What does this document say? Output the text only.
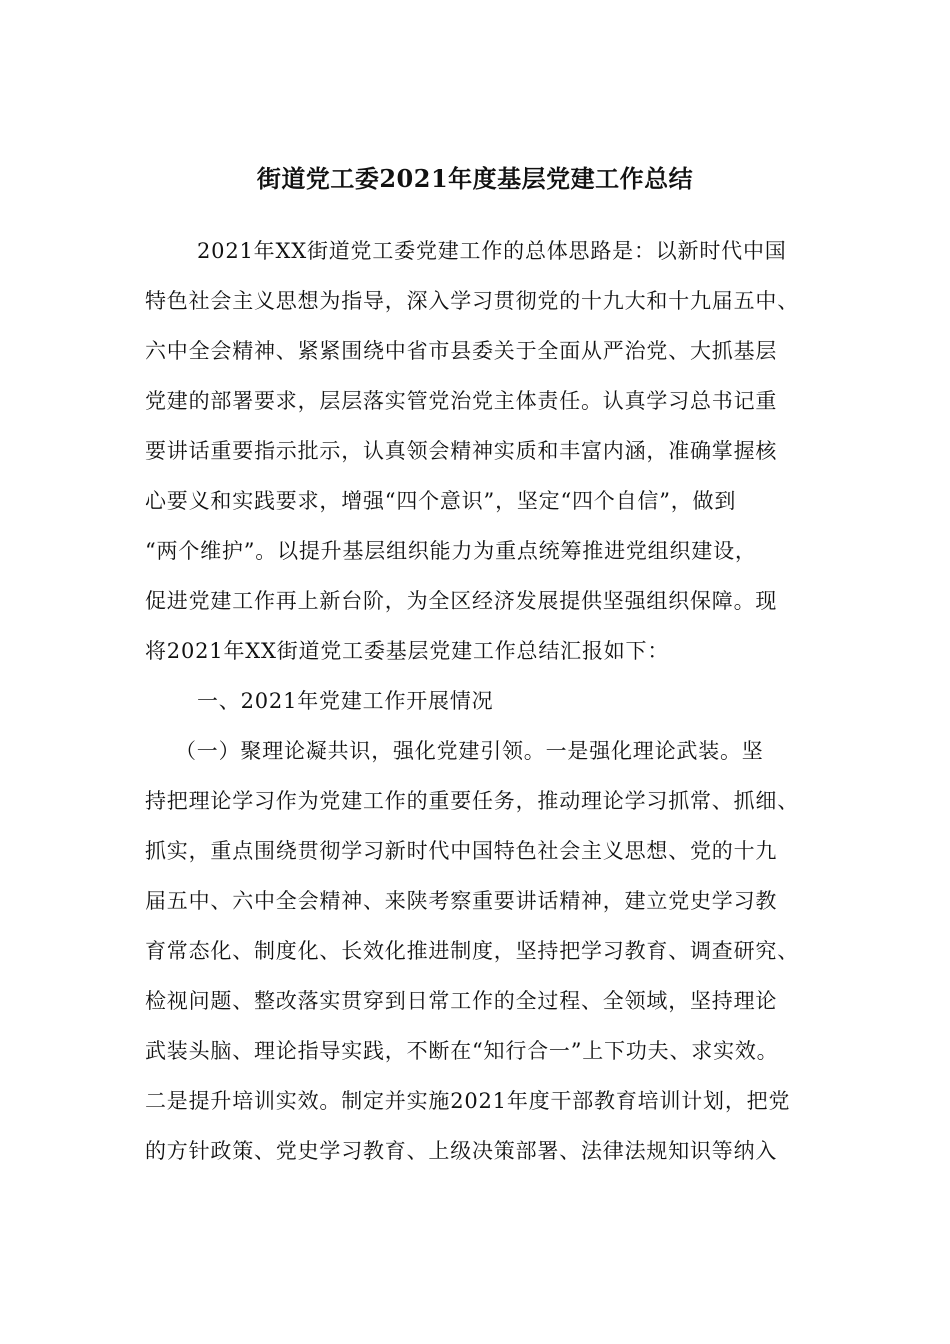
街道党工委2021年度基层党建工作总结
2021年XX街道党工委党建工作的总体思路是：以新时代中国
特色社会主义思想为指导，深入学习贯彻党的十九大和十九届五中、
六中全会精神、紧紧围绕中省市县委关于全面从严治党、大抓基层
党建的部署要求，层层落实管党治党主体责任。认真学习总书记重
要讲话重要指示批示，认真领会精神实质和丰富内涵，准确掌握核
心要义和实践要求，增强“四个意识”，坚定“四个自信”，做到
“两个维护”。以提升基层组织能力为重点统筹推进党组织建设，
促进党建工作再上新台阶，为全区经济发展提供坚强组织保障。现
将2021年XX街道党工委基层党建工作总结汇报如下：
一、2021年党建工作开展情况
（一）聚理论凝共识，强化党建引领。一是强化理论武装。坚
持把理论学习作为党建工作的重要任务，推动理论学习抓常、抓细、
抓实，重点围绕贯彻学习新时代中国特色社会主义思想、党的十九
届五中、六中全会精神、来陕考察重要讲话精神，建立党史学习教
育常态化、制度化、长效化推进制度，坚持把学习教育、调查研究、
检视问题、整改落实贯穿到日常工作的全过程、全领域，坚持理论
武装头脑、理论指导实践，不断在“知行合一”上下功夫、求实效。
二是提升培训实效。制定并实施2021年度干部教育培训计划，把党
的方针政策、党史学习教育、上级决策部署、法律法规知识等纳入
